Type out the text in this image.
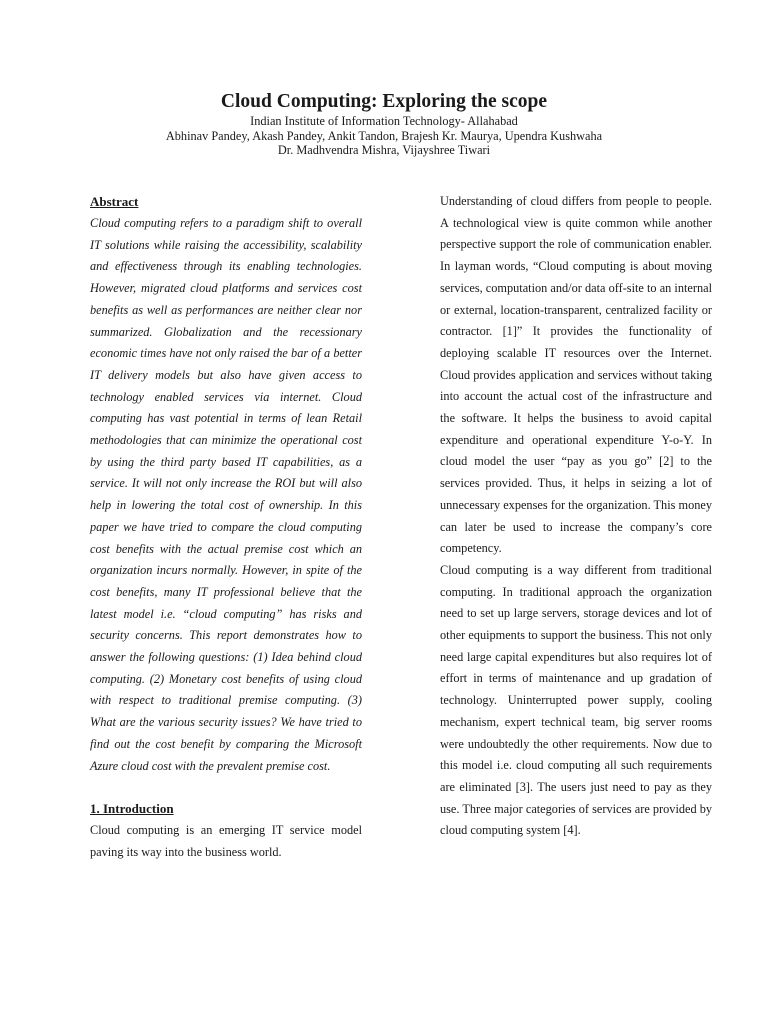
Cloud Computing: Exploring the scope

Indian Institute of Information Technology- Allahabad

Abhinav Pandey, Akash Pandey, Ankit Tandon, Brajesh Kr. Maurya, Upendra Kushwaha

Dr. Madhvendra Mishra, Vijayshree Tiwari

Abstract

Cloud computing refers to a paradigm shift to overall IT solutions while raising the accessibility, scalability and effectiveness through its enabling technologies. However, migrated cloud platforms and services cost benefits as well as performances are neither clear nor summarized. Globalization and the recessionary economic times have not only raised the bar of a better IT delivery models but also have given access to technology enabled services via internet. Cloud computing has vast potential in terms of lean Retail methodologies that can minimize the operational cost by using the third party based IT capabilities, as a service. It will not only increase the ROI but will also help in lowering the total cost of ownership. In this paper we have tried to compare the cloud computing cost benefits with the actual premise cost which an organization incurs normally. However, in spite of the cost benefits, many IT professional believe that the latest model i.e. “cloud computing” has risks and security concerns. This report demonstrates how to answer the following questions: (1) Idea behind cloud computing. (2) Monetary cost benefits of using cloud with respect to traditional premise computing. (3) What are the various security issues? We have tried to find out the cost benefit by comparing the Microsoft Azure cloud cost with the prevalent premise cost.

1. Introduction

Cloud computing is an emerging IT service model paving its way into the business world.

Understanding of cloud differs from people to people. A technological view is quite common while another perspective support the role of communication enabler. In layman words, “Cloud computing is about moving services, computation and/or data off-site to an internal or external, location-transparent, centralized facility or contractor. [1]” It provides the functionality of deploying scalable IT resources over the Internet. Cloud provides application and services without taking into account the actual cost of the infrastructure and the software. It helps the business to avoid capital expenditure and operational expenditure Y-o-Y. In cloud model the user “pay as you go” [2] to the services provided. Thus, it helps in seizing a lot of unnecessary expenses for the organization. This money can later be used to increase the company’s core competency.

Cloud computing is a way different from traditional computing. In traditional approach the organization need to set up large servers, storage devices and lot of other equipments to support the business. This not only need large capital expenditures but also requires lot of effort in terms of maintenance and up gradation of technology. Uninterrupted power supply, cooling mechanism, expert technical team, big server rooms were undoubtedly the other requirements. Now due to this model i.e. cloud computing all such requirements are eliminated [3]. The users just need to pay as they use. Three major categories of services are provided by cloud computing system [4].
